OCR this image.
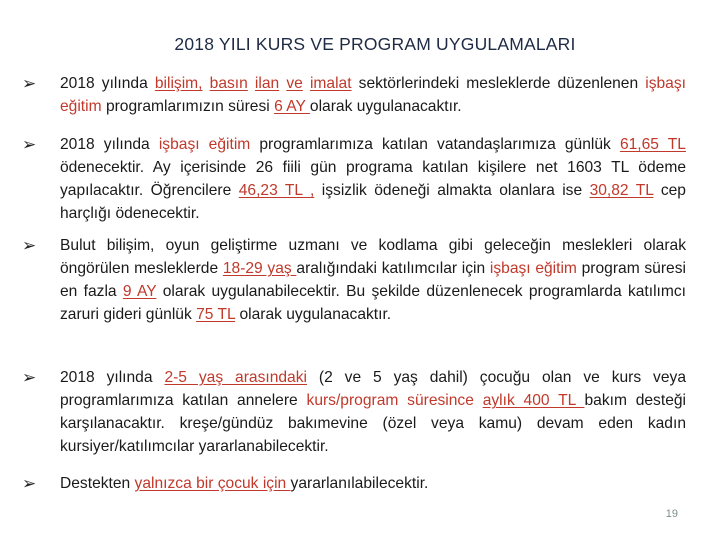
2018 YILI KURS VE PROGRAM UYGULAMALARI
➢	2018 yılında bilişim, basın ilan ve imalat sektörlerindeki mesleklerde düzenlenen işbaşı eğitim programlarımızın süresi 6 AY olarak uygulanacaktır.
➢	2018 yılında işbaşı eğitim programlarımıza katılan vatandaşlarımıza günlük 61,65 TL ödenecektir. Ay içerisinde 26 fiili gün programa katılan kişilere net 1603 TL ödeme yapılacaktır. Öğrencilere 46,23 TL , işsizlik ödeneği almakta olanlara ise 30,82 TL cep harçlığı ödenecektir.
➢	Bulut bilişim, oyun geliştirme uzmanı ve kodlama gibi geleceğin meslekleri olarak öngörülen mesleklerde 18-29 yaş aralığındaki katılımcılar için işbaşı eğitim program süresi en fazla 9 AY olarak uygulanabilecektir. Bu şekilde düzenlenecek programlarda katılımcı zaruri gideri günlük 75 TL olarak uygulanacaktır.
➢	2018 yılında 2-5 yaş arasındaki (2 ve 5 yaş dahil) çocuğu olan ve kurs veya programlarımıza katılan annelere kurs/program süresince aylık 400 TL bakım desteği karşılanacaktır. kreşe/gündüz bakımevine (özel veya kamu) devam eden kadın kursiyer/katılımcılar yararlanabilecektir.
➢	Destekten yalnızca bir çocuk için yararlanılabilecektir.
19
